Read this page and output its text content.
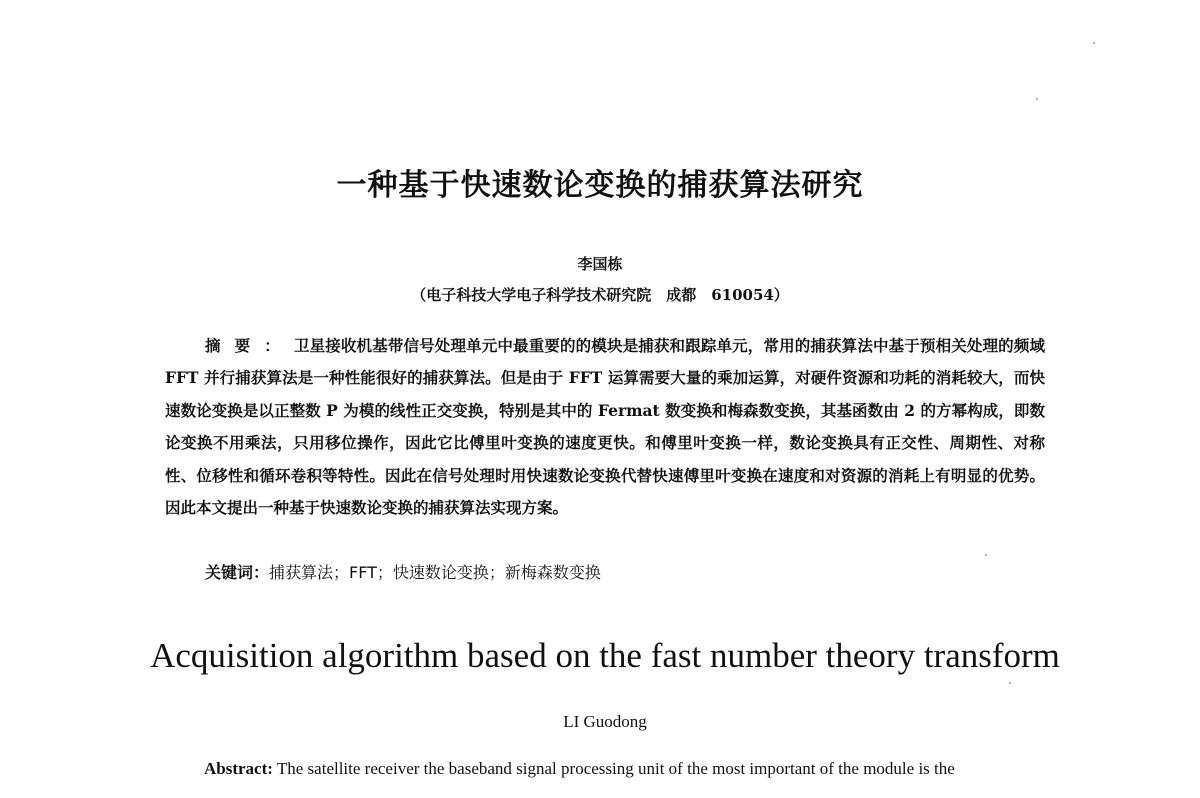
一种基于快速数论变换的捕获算法研究
李国栋
（电子科技大学电子科学技术研究院　成都　610054）
摘要：卫星接收机基带信号处理单元中最重要的的模块是捕获和跟踪单元，常用的捕获算法中基于预相关处理的频域 FFT 并行捕获算法是一种性能很好的捕获算法。但是由于 FFT 运算需要大量的乘加运算，对硬件资源和功耗的消耗较大，而快速数论变换是以正整数 P 为模的线性正交变换，特别是其中的 Fermat 数变换和梅森数变换，其基函数由 2 的方幂构成，即数论变换不用乘法，只用移位操作，因此它比傅里叶变换的速度更快。和傅里叶变换一样，数论变换具有正交性、周期性、对称性、位移性和循环卷积等特性。因此在信号处理时用快速数论变换代替快速傅里叶变换在速度和对资源的消耗上有明显的优势。因此本文提出一种基于快速数论变换的捕获算法实现方案。
关键词：捕获算法；FFT；快速数论变换；新梅森数变换
Acquisition algorithm based on the fast number theory transform
LI Guodong
Abstract: The satellite receiver the baseband signal processing unit of the most important of the module is the
